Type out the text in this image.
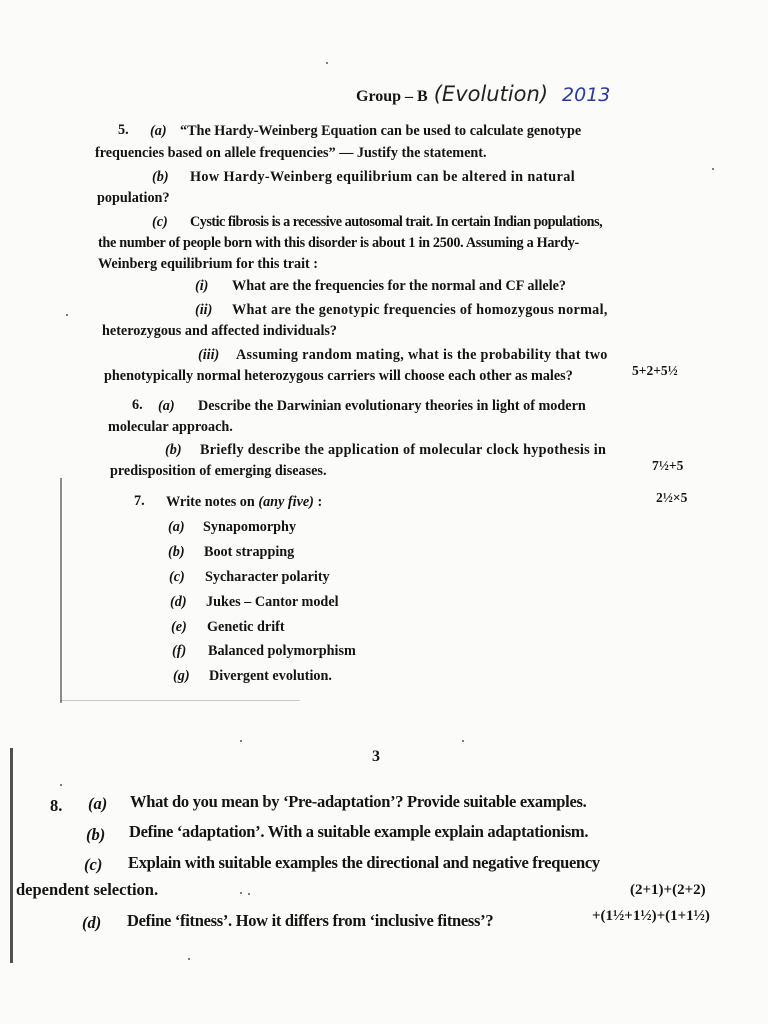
Group – B (Evolution) 2013
5. (a) “The Hardy-Weinberg Equation can be used to calculate genotype
frequencies based on allele frequencies” — Justify the statement.
(b) How Hardy-Weinberg equilibrium can be altered in natural
population?
(c) Cystic fibrosis is a recessive autosomal trait. In certain Indian populations,
the number of people born with this disorder is about 1 in 2500. Assuming a Hardy-
Weinberg equilibrium for this trait :
(i) What are the frequencies for the normal and CF allele?
(ii) What are the genotypic frequencies of homozygous normal,
heterozygous and affected individuals?
(iii) Assuming random mating, what is the probability that two
phenotypically normal heterozygous carriers will choose each other as males?	5+2+5½
6. (a) Describe the Darwinian evolutionary theories in light of modern
molecular approach.
(b) Briefly describe the application of molecular clock hypothesis in
predisposition of emerging diseases.	7½+5
7. Write notes on (any five) :	2½×5
(a) Synapomorphy
(b) Boot strapping
(c) Sycharacter polarity
(d) Jukes – Cantor model
(e) Genetic drift
(f) Balanced polymorphism
(g) Divergent evolution.
3
8. (a) What do you mean by ‘Pre-adaptation’? Provide suitable examples.
(b) Define ‘adaptation’. With a suitable example explain adaptationism.
(c) Explain with suitable examples the directional and negative frequency
dependent selection.	(2+1)+(2+2)
(d) Define ‘fitness’. How it differs from ‘inclusive fitness’?	+(1½+1½)+(1+1½)
